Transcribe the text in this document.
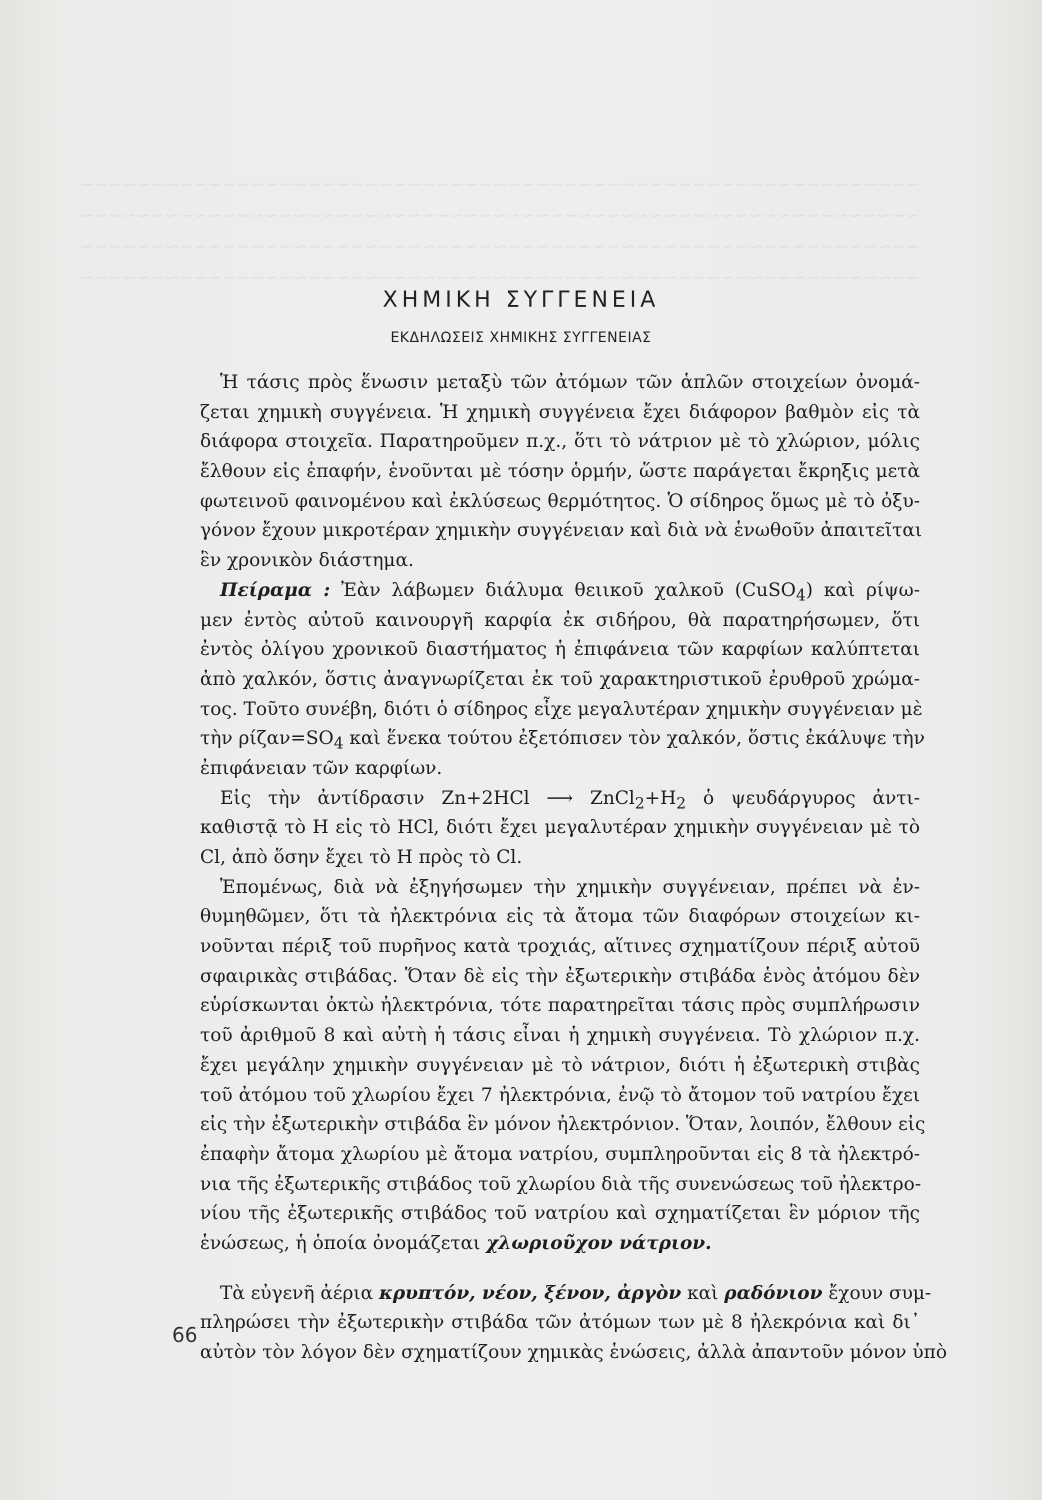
~~~~~~~~~~~~~~~~~~~~~~~~~~~~~~~~~~~~~~~~~~~~~~~~~~~~~~~~~~~
~~~~~~~~~~~~~~~~~~~~~~~~~~~~~~~~~~~~~~~~~~~~~~~~~~~~~~~~~~~
~~~~~~~~~~~~~~~~~~~~~~~~~~~~~~~~~~~~~~~~~~~~~~~~~~~~~~~~~~~
~~~~~~~~~~~~~~~~~~~~~~~~~~~~~~~~~~~~~~~~~~~~~~~~~~~~~~~~~~~
ΧΗΜΙΚΗ ΣΥΓΓΕΝΕΙΑ
ΕΚΔΗΛΩΣΕΙΣ ΧΗΜΙΚΗΣ ΣΥΓΓΕΝΕΙΑΣ
Ἡ τάσις πρὸς ἕνωσιν μεταξὺ τῶν ἀτόμων τῶν ἁπλῶν στοιχείων ὀνομά-
ζεται χημικὴ συγγένεια. Ἡ χημικὴ συγγένεια ἔχει διάφορον βαθμὸν εἰς τὰ
διάφορα στοιχεῖα. Παρατηροῦμεν π.χ., ὅτι τὸ νάτριον μὲ τὸ χλώριον, μόλις
ἔλθουν εἰς ἐπαφήν, ἑνοῦνται μὲ τόσην ὁρμήν, ὥστε παράγεται ἔκρηξις μετὰ
φωτεινοῦ φαινομένου καὶ ἐκλύσεως θερμότητος. Ὁ σίδηρος ὅμως μὲ τὸ ὀξυ-
γόνον ἔχουν μικροτέραν χημικὴν συγγένειαν καὶ διὰ νὰ ἑνωθοῦν ἀπαιτεῖται
ἓν χρονικὸν διάστημα.
Πείραμα : Ἐὰν λάβωμεν διάλυμα θειικοῦ χαλκοῦ (CuSO$_4$) καὶ ρίψω-
μεν ἐντὸς αὐτοῦ καινουργῆ καρφία ἐκ σιδήρου, θὰ παρατηρήσωμεν, ὅτι
ἐντὸς ὀλίγου χρονικοῦ διαστήματος ἡ ἐπιφάνεια τῶν καρφίων καλύπτεται
ἀπὸ χαλκόν, ὅστις ἀναγνωρίζεται ἐκ τοῦ χαρακτηριστικοῦ ἐρυθροῦ χρώμα-
τος. Τοῦτο συνέβη, διότι ὁ σίδηρος εἶχε μεγαλυτέραν χημικὴν συγγένειαν μὲ
τὴν $\rho ί\zeta\alpha\nu=SO_4$ καὶ ἕνεκα τούτου ἐξετόπισεν τὸν χαλκόν, ὅστις ἐκάλυψε τὴν
ἐπιφάνειαν τῶν καρφίων.
Εἰς τὴν ἀντίδρασιν Zn+2HCl ⟶ $ZnCl_2+H_2$ ὁ ψευδάργυρος ἀντι-
καθιστᾷ τὸ Η εἰς τὸ HCl, διότι ἔχει μεγαλυτέραν χημικὴν συγγένειαν μὲ τὸ
Cl, ἀπὸ ὅσην ἔχει τὸ Η πρὸς τὸ Cl.
Ἑπομένως, διὰ νὰ ἐξηγήσωμεν τὴν χημικὴν συγγένειαν, πρέπει νὰ ἐν-
θυμηθῶμεν, ὅτι τὰ ἠλεκτρόνια εἰς τὰ ἄτομα τῶν διαφόρων στοιχείων κι-
νοῦνται πέριξ τοῦ πυρῆνος κατὰ τροχιάς, αἵτινες σχηματίζουν πέριξ αὐτοῦ
σφαιρικὰς στιβάδας. Ὅταν δὲ εἰς τὴν ἐξωτερικὴν στιβάδα ἑνὸς ἀτόμου δὲν
εὑρίσκωνται ὀκτὼ ἠλεκτρόνια, τότε παρατηρεῖται τάσις πρὸς συμπλήρωσιν
τοῦ ἀριθμοῦ 8 καὶ αὐτὴ ἡ τάσις εἶναι ἡ χημικὴ συγγένεια. Τὸ χλώριον π.χ.
ἔχει μεγάλην χημικὴν συγγένειαν μὲ τὸ νάτριον, διότι ἡ ἐξωτερικὴ στιβὰς
τοῦ ἀτόμου τοῦ χλωρίου ἔχει 7 ἠλεκτρόνια, ἐνῷ τὸ ἄτομον τοῦ νατρίου ἔχει
εἰς τὴν ἐξωτερικὴν στιβάδα ἓν μόνον ἠλεκτρόνιον. Ὅταν, λοιπόν, ἔλθουν εἰς
ἐπαφὴν ἄτομα χλωρίου μὲ ἄτομα νατρίου, συμπληροῦνται εἰς 8 τὰ ἠλεκτρό-
νια τῆς ἐξωτερικῆς στιβάδος τοῦ χλωρίου διὰ τῆς συνενώσεως τοῦ ἠλεκτρο-
νίου τῆς ἐξωτερικῆς στιβάδος τοῦ νατρίου καὶ σχηματίζεται ἓν μόριον τῆς
ἑνώσεως, ἡ ὁποία ὀνομάζεται χλωριοῦχον νάτριον.
Τὰ εὐγενῆ ἀέρια κρυπτόν, νέον, ξένον, ἀργὸν καὶ ραδόνιον ἔχουν συμ-
πληρώσει τὴν ἐξωτερικὴν στιβάδα τῶν ἀτόμων των μὲ 8 ἠλεκρόνια καὶ δι᾽
αὐτὸν τὸν λόγον δὲν σχηματίζουν χημικὰς ἑνώσεις, ἀλλὰ ἀπαντοῦν μόνον ὑπὸ
66
